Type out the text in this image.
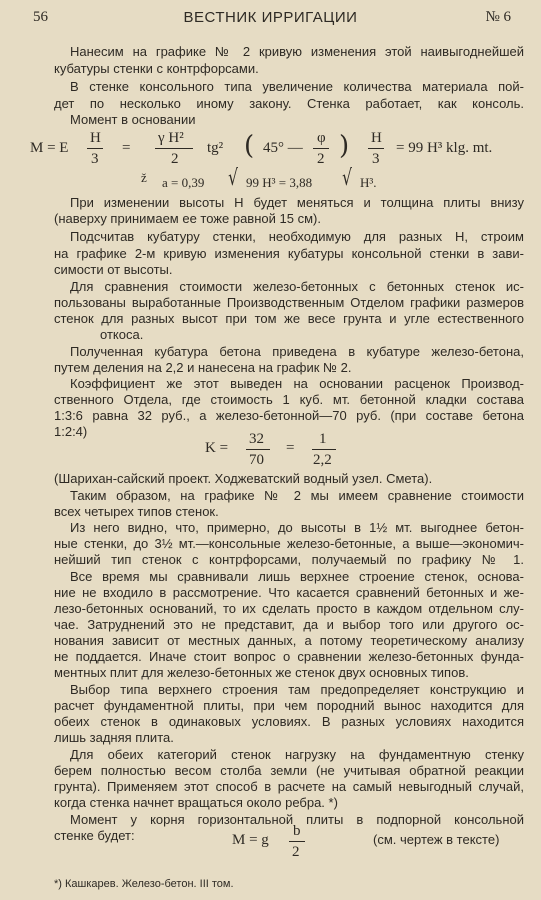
56	ВЕСТНИК ИРРИГАЦИИ	№ 6
Нанесим на графике № 2 кривую изменения этой наивыгоднейшей
кубатуры стенки с контрфорсами.
В стенке консольного типа увеличение количества материала пой-
дет по несколько иному закону. Стенка работает, как консоль.
Момент в основании
M = E
H
3
=
γ H²
2
tg² ( 45° —
φ
2 ) H
3
= 99 H³ klg. mt.
ž a = 0,39 √ 99 H³ = 3,88 √ H³.
При изменении высоты Н будет меняться и толщина плиты внизу
(наверху принимаем ее тоже равной 15 см).
Подсчитав кубатуру стенки, необходимую для разных Н, строим
на графике 2-м кривую изменения кубатуры консольной стенки в зави-
симости от высоты.
Для сравнения стоимости железо-бетонных с бетонных стенок ис-
пользованы выработанные Производственным Отделом графики размеров
стенок для разных высот при том же весе грунта и угле естественного
откоса.
Полученная кубатура бетона приведена в кубатуре железо-бетона,
путем деления на 2,2 и нанесена на график № 2.
Коэффициент же этот выведен на основании расценок Производ-
ственного Отдела, где стоимость 1 куб. мт. бетонной кладки состава
1:3:6 равна 32 руб., а железо-бетонной—70 руб. (при составе бетона
1:2:4)
K =
32
70
=
1
2,2
(Шарихан-сайский проект. Ходжеватский водный узел. Смета).
Таким образом, на графике № 2 мы имеем сравнение стоимости
всех четырех типов стенок.
Из него видно, что, примерно, до высоты в 1½ мт. выгоднее бетон-
ные стенки, до 3½ мт.—консольные железо-бетонные, а выше—экономич-
нейший тип стенок с контрфорсами, получаемый по графику № 1.
Все время мы сравнивали лишь верхнее строение стенок, основа-
ние не входило в рассмотрение. Что касается сравнений бетонных и же-
лезо-бетонных оснований, то их сделать просто в каждом отдельном слу-
чае. Затруднений это не представит, да и выбор того или другого ос-
нования зависит от местных данных, а потому теоретическому анализу
не поддается. Иначе стоит вопрос о сравнении железо-бетонных фунда-
ментных плит для железо-бетонных же стенок двух основных типов.
Выбор типа верхнего строения там предопределяет конструкцию и
расчет фундаментной плиты, при чем породний вынос находится для
обеих стенок в одинаковых условиях. В разных условиях находится
лишь задняя плита.
Для обеих категорий стенок нагрузку на фундаментную стенку
берем полностью весом столба земли (не учитывая обратной реакции
грунта). Применяем этот способ в расчете на самый невыгодный случай,
когда стенка начнет вращаться около ребра. *)
Момент у корня горизонтальной плиты в подпорной консольной
стенке будет:	M = g
b
2
(см. чертеж в тексте)
*) Кашкарев. Железо-бетон. III том.
